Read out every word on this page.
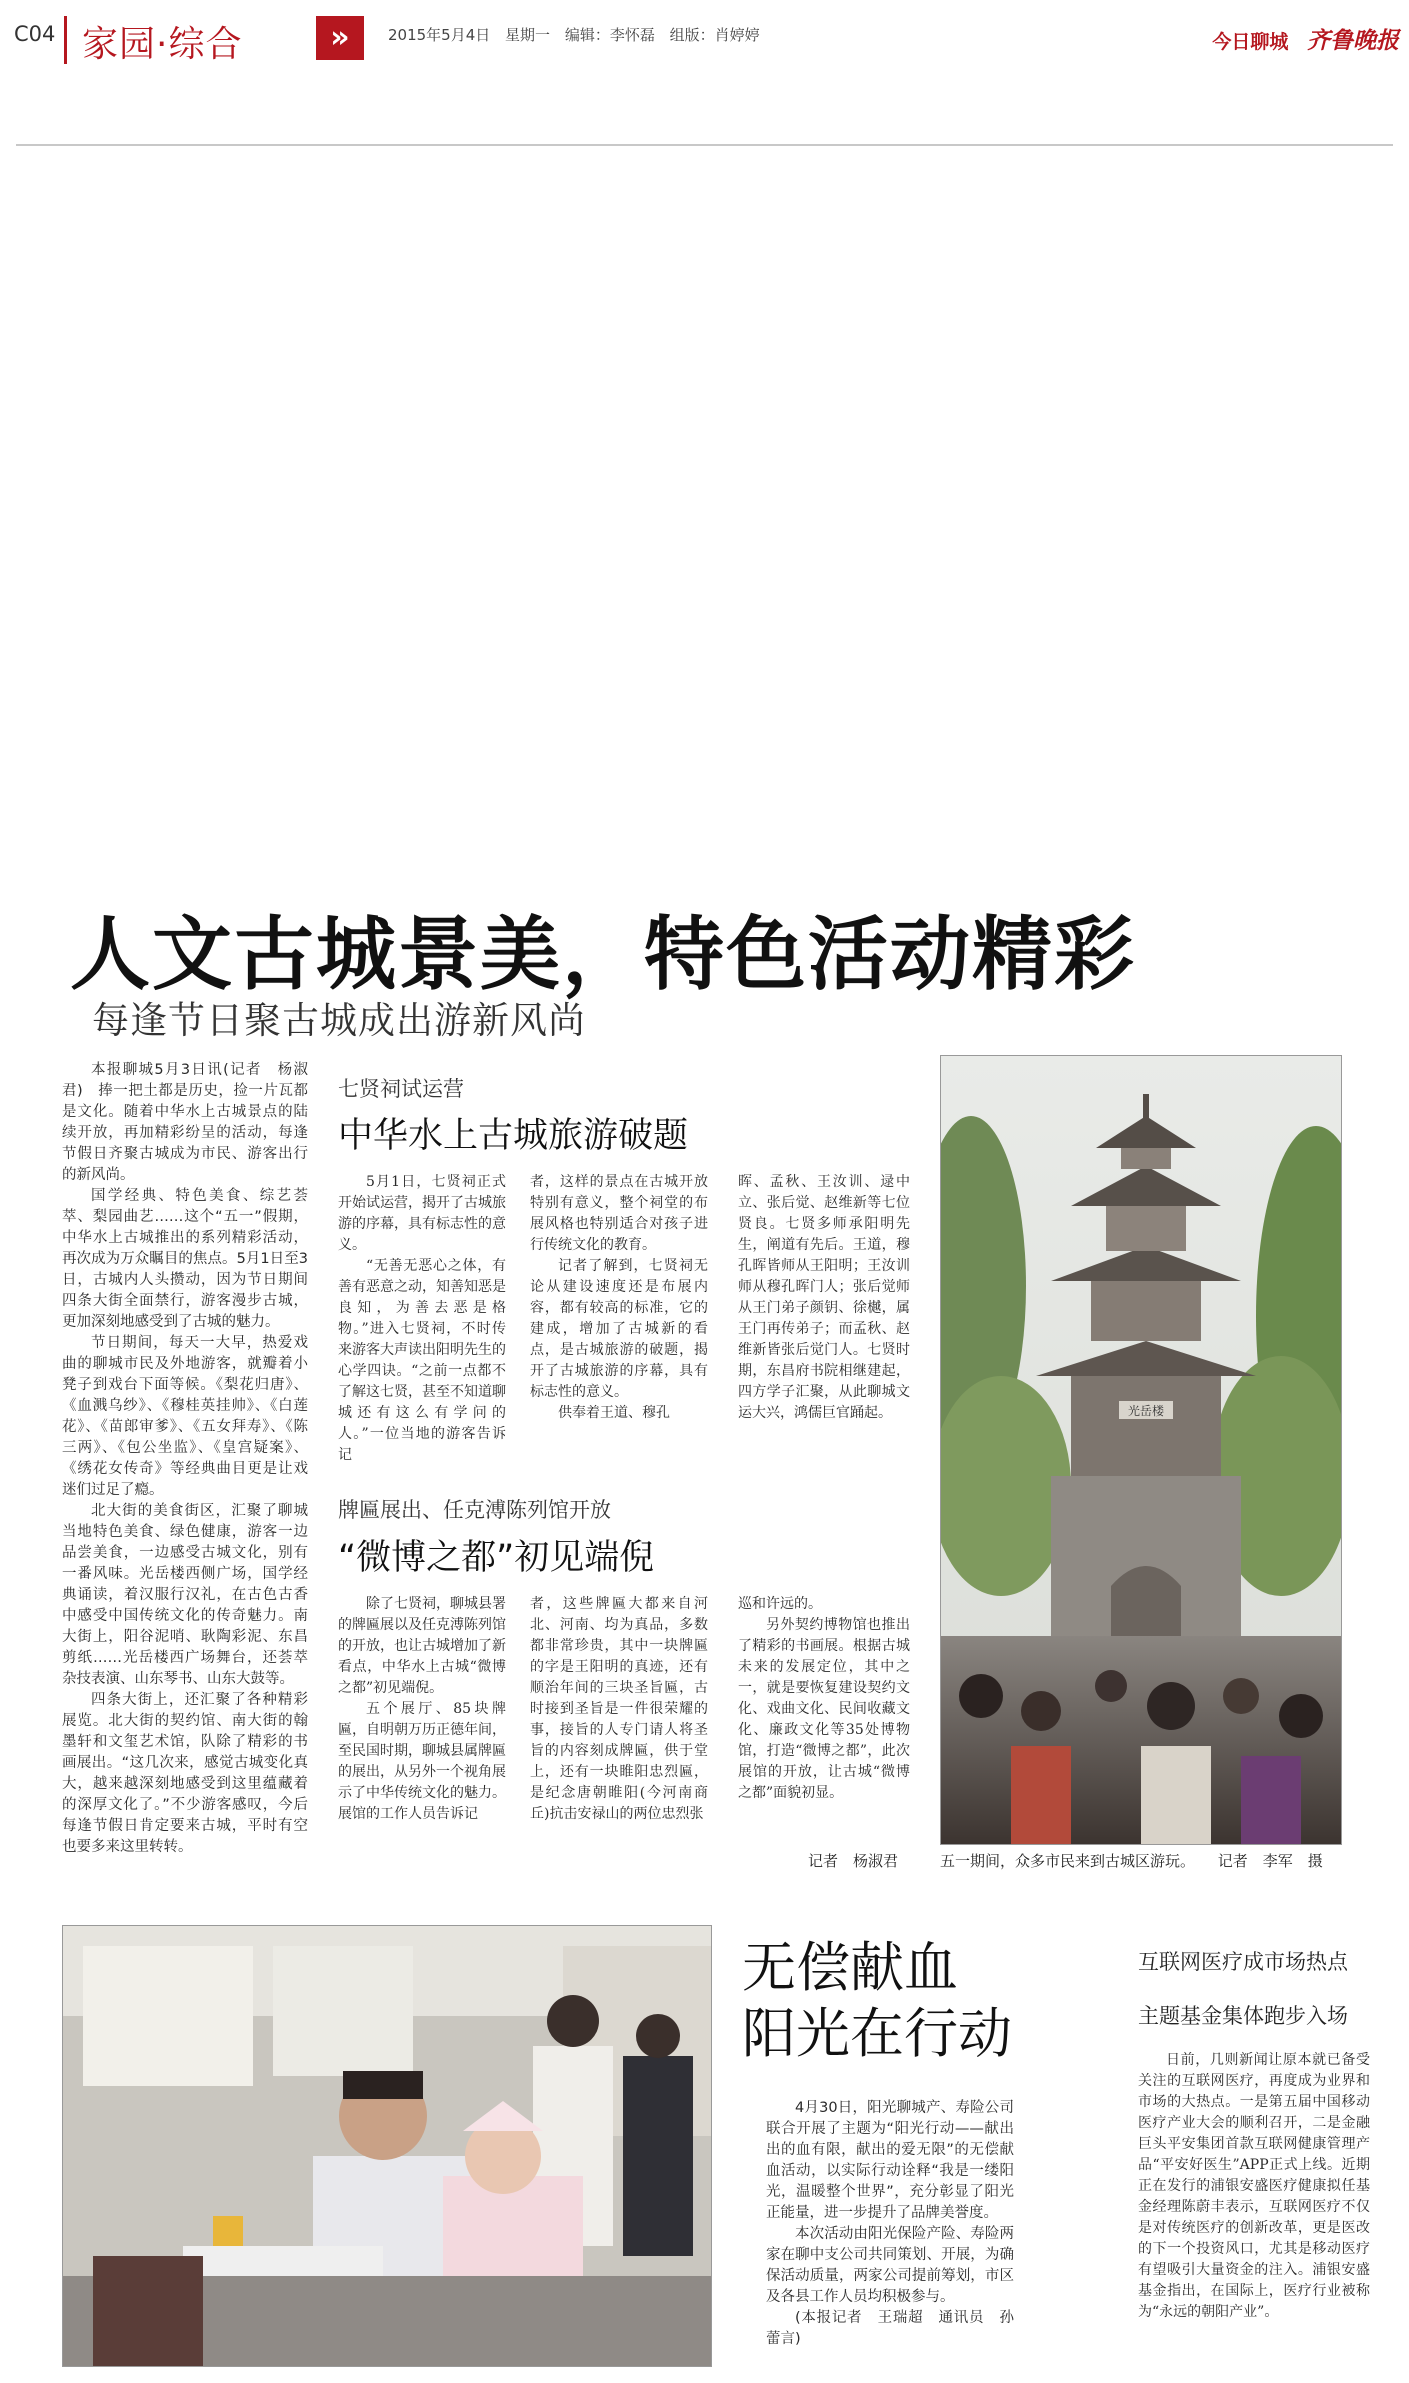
C04 家园·综合	»	2015年5月4日 星期一 编辑：李怀磊 组版：肖婷婷	今日聊城 齐鲁晚报
人文古城景美，特色活动精彩
每逢节日聚古城成出游新风尚

本报聊城5月3日讯(记者　杨淑君)　捧一把土都是历史，捡一片瓦都是文化。随着中华水上古城景点的陆续开放，再加精彩纷呈的活动，每逢节假日齐聚古城成为市民、游客出行的新风尚。

国学经典、特色美食、综艺荟萃、梨园曲艺……这个“五一”假期，中华水上古城推出的系列精彩活动，再次成为万众瞩目的焦点。5月1日至3日，古城内人头攒动，因为节日期间四条大街全面禁行，游客漫步古城，更加深刻地感受到了古城的魅力。

节日期间，每天一大早，热爱戏曲的聊城市民及外地游客，就瓣着小凳子到戏台下面等候。《梨花归唐》、《血溅乌纱》、《穆桂英挂帅》、《白莲花》、《苗郎审爹》、《五女拜寿》、《陈三两》、《包公坐监》、《皇宫疑案》、《绣花女传奇》等经典曲目更是让戏迷们过足了瘾。

北大街的美食街区，汇聚了聊城当地特色美食、绿色健康，游客一边品尝美食，一边感受古城文化，别有一番风味。光岳楼西侧广场，国学经典诵读，着汉服行汉礼，在古色古香中感受中国传统文化的传奇魅力。南大街上，阳谷泥哨、耿陶彩泥、东昌剪纸……光岳楼西广场舞台，还荟萃杂技表演、山东琴书、山东大鼓等。

四条大街上，还汇聚了各种精彩展览。北大街的契约馆、南大街的翰墨轩和文玺艺术馆，队除了精彩的书画展出。“这几次来，感觉古城变化真大，越来越深刻地感受到这里蕴藏着的深厚文化了。”不少游客感叹，今后每逢节假日肯定要来古城，平时有空也要多来这里转转。

七贤祠试运营
中华水上古城旅游破题

5月1日，七贤祠正式开始试运营，揭开了古城旅游的序幕，具有标志性的意义。

“无善无恶心之体，有善有恶意之动，知善知恶是良知，为善去恶是格物。”进入七贤祠，不时传来游客大声读出阳明先生的心学四诀。“之前一点都不了解这七贤，甚至不知道聊城还有这么有学问的人。”一位当地的游客告诉记

者，这样的景点在古城开放特别有意义，整个祠堂的布展风格也特别适合对孩子进行传统文化的教育。

记者了解到，七贤祠无论从建设速度还是布展内容，都有较高的标准，它的建成，增加了古城新的看点，是古城旅游的破题，揭开了古城旅游的序幕，具有标志性的意义。

供奉着王道、穆孔

晖、孟秋、王汝训、逯中立、张后觉、赵维新等七位贤良。七贤多师承阳明先生，阐道有先后。王道，穆孔晖皆师从王阳明；王汝训师从穆孔晖门人；张后觉师从王门弟子颜钥、徐樾，属王门再传弟子；而孟秋、赵维新皆张后觉门人。七贤时期，东昌府书院相继建起，四方学子汇聚，从此聊城文运大兴，鸿儒巨官踊起。

牌匾展出、任克溥陈列馆开放
“微博之都”初见端倪

除了七贤祠，聊城县署的牌匾展以及任克溥陈列馆的开放，也让古城增加了新看点，中华水上古城“微博之都”初见端倪。

五个展厅、85块牌匾，自明朝万历正德年间，至民国时期，聊城县属牌匾的展出，从另外一个视角展示了中华传统文化的魅力。展馆的工作人员告诉记

者，这些牌匾大都来自河北、河南、均为真品，多数都非常珍贵，其中一块牌匾的字是王阳明的真迹，还有顺治年间的三块圣旨匾，古时接到圣旨是一件很荣耀的事，接旨的人专门请人将圣旨的内容刻成牌匾，供于堂上，还有一块睢阳忠烈匾，是纪念唐朝睢阳(今河南商丘)抗击安禄山的两位忠烈张

巡和许远的。

另外契约博物馆也推出了精彩的书画展。根据古城未来的发展定位，其中之一，就是要恢复建设契约文化、戏曲文化、民间收藏文化、廉政文化等35处博物馆，打造“微博之都”，此次展馆的开放，让古城“微博之都”面貌初显。

记者　杨淑君
光岳楼
五一期间，众多市民来到古城区游玩。 记者　李军　摄
无偿献血
阳光在行动

4月30日，阳光聊城产、寿险公司联合开展了主题为“阳光行动——献出出的血有限，献出的爱无限”的无偿献血活动，以实际行动诠释“我是一缕阳光，温暖整个世界”，充分彰显了阳光正能量，进一步提升了品牌美誉度。

本次活动由阳光保险产险、寿险两家在聊中支公司共同策划、开展，为确保活动质量，两家公司提前筹划，市区及各县工作人员均积极参与。

(本报记者　王瑞超　通讯员　孙蕾言)

互联网医疗成市场热点
主题基金集体跑步入场

日前，几则新闻让原本就已备受关注的互联网医疗，再度成为业界和市场的大热点。一是第五届中国移动医疗产业大会的顺利召开，二是金融巨头平安集团首款互联网健康管理产品“平安好医生”APP正式上线。近期正在发行的浦银安盛医疗健康拟任基金经理陈蔚丰表示，互联网医疗不仅是对传统医疗的创新改革，更是医改的下一个投资风口，尤其是移动医疗有望吸引大量资金的注入。浦银安盛基金指出，在国际上，医疗行业被称为“永远的朝阳产业”。
